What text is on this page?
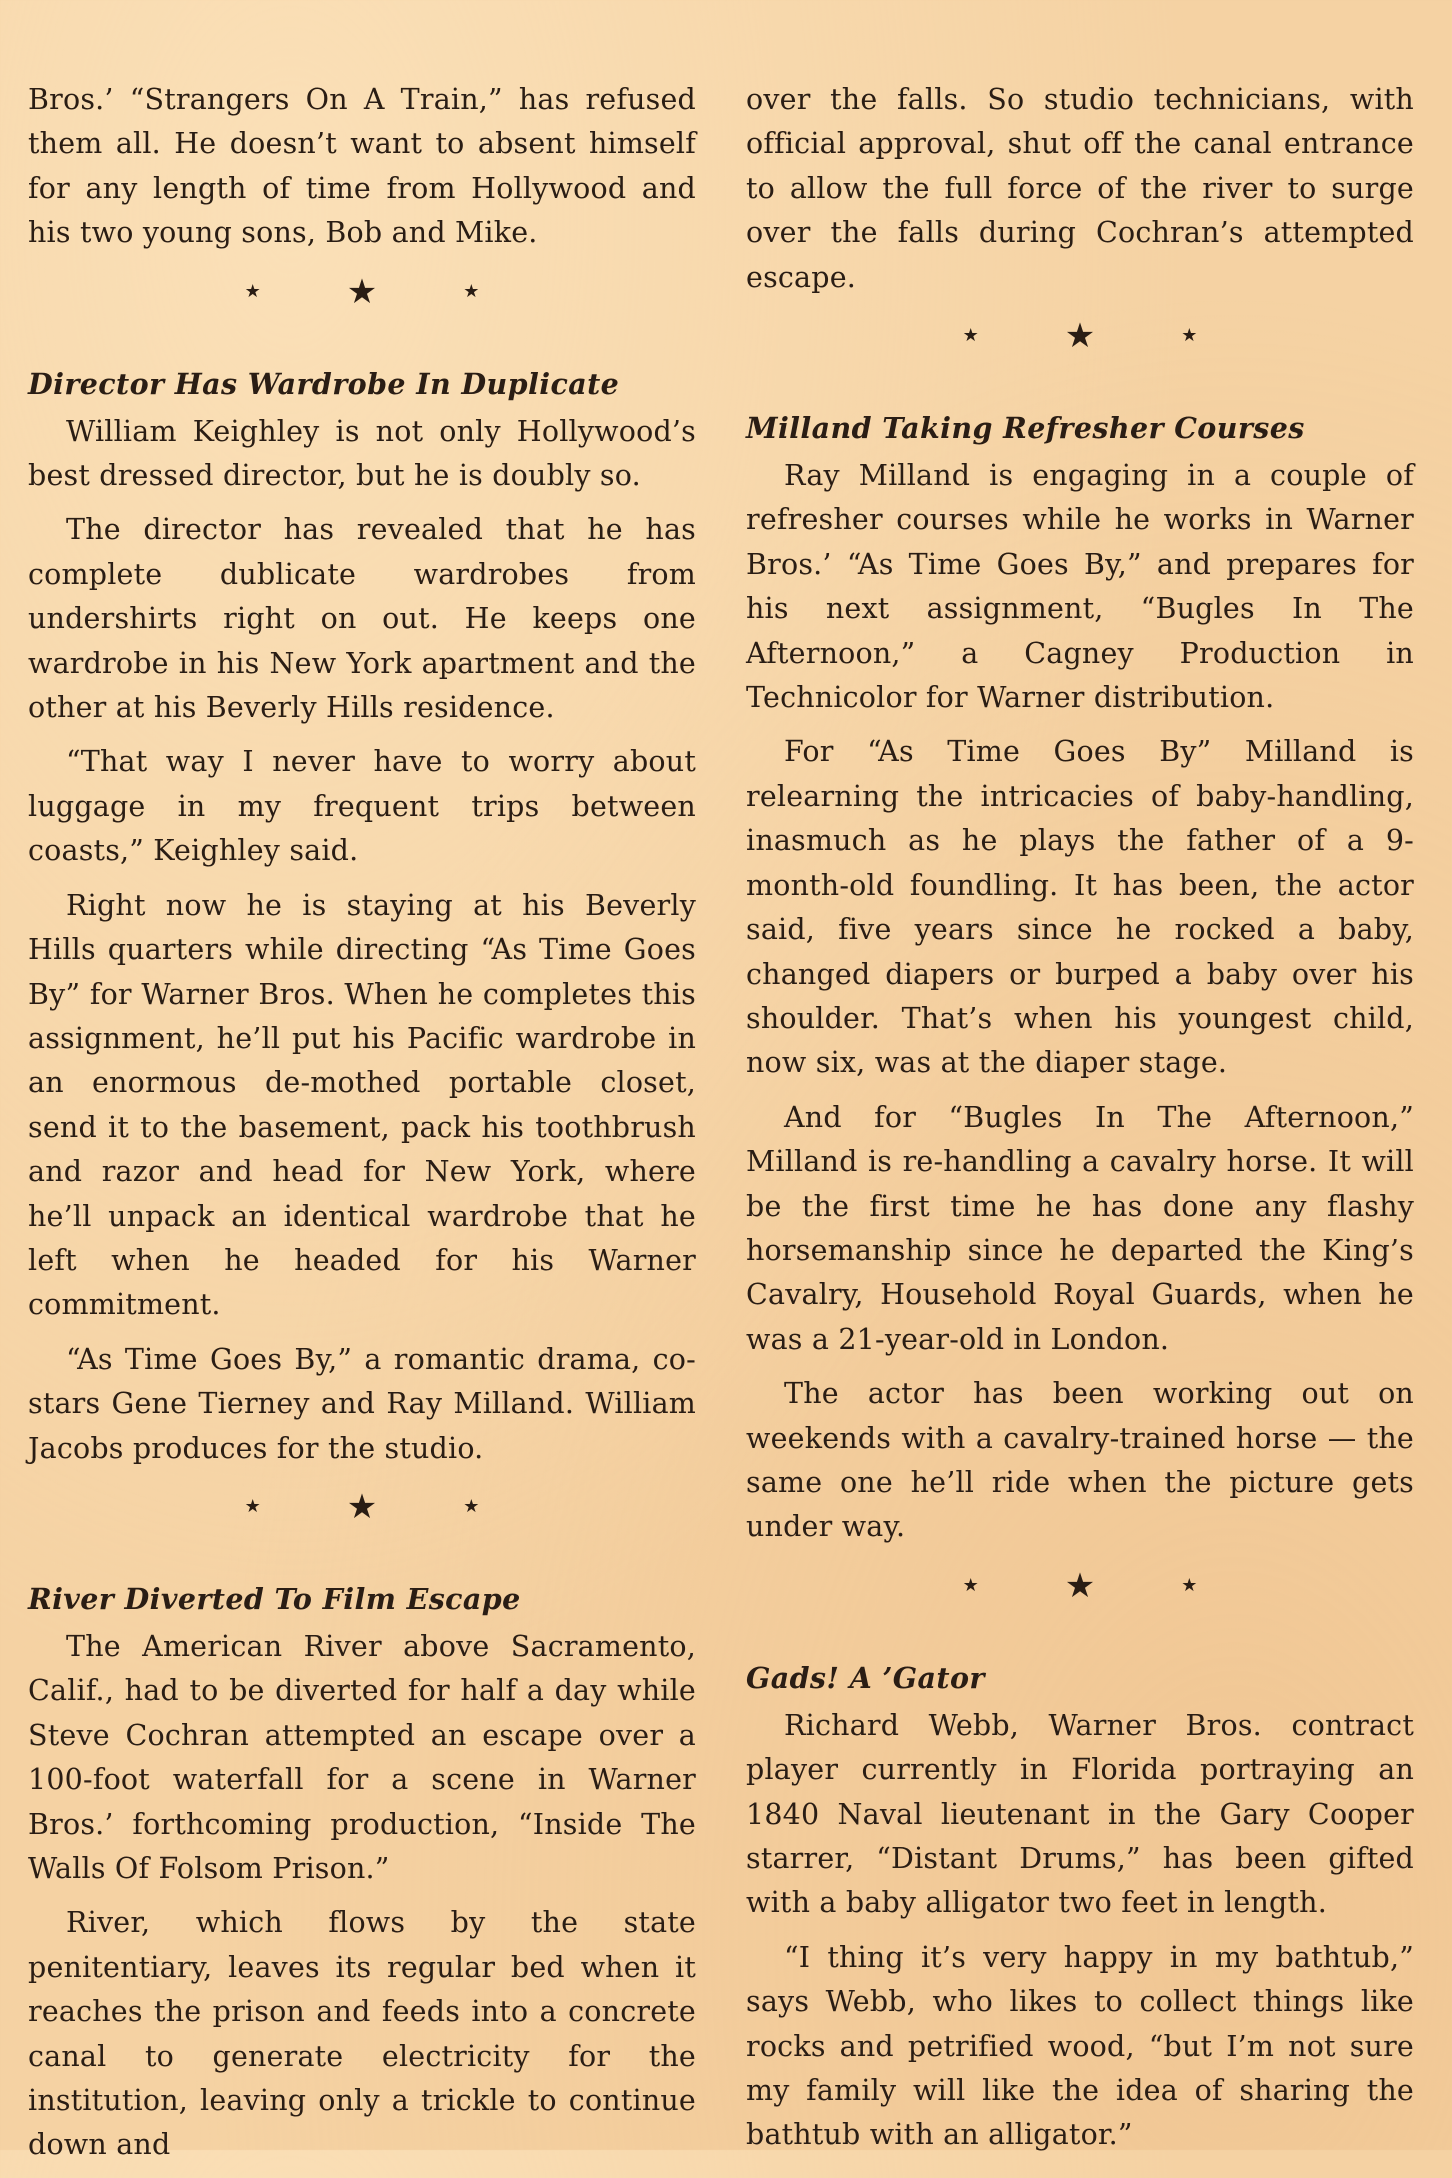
Bros.’ “Strangers On A Train,” has refused them all. He doesn’t want to absent himself for any length of time from Hollywood and his two young sons, Bob and Mike.

★	★	★
Director Has Wardrobe In Duplicate

William Keighley is not only Hollywood’s best dressed director, but he is doubly so.

The director has revealed that he has complete dublicate wardrobes from undershirts right on out. He keeps one wardrobe in his New York apartment and the other at his Beverly Hills residence.

“That way I never have to worry about luggage in my frequent trips between coasts,” Keighley said.

Right now he is staying at his Beverly Hills quarters while directing “As Time Goes By” for Warner Bros. When he completes this assignment, he’ll put his Pacific wardrobe in an enormous de-mothed portable closet, send it to the basement, pack his toothbrush and razor and head for New York, where he’ll unpack an identical wardrobe that he left when he headed for his Warner commitment.

“As Time Goes By,” a romantic drama, co-stars Gene Tierney and Ray Milland. William Jacobs produces for the studio.

★	★	★
River Diverted To Film Escape

The American River above Sacramento, Calif., had to be diverted for half a day while Steve Cochran attempted an escape over a 100-foot waterfall for a scene in Warner Bros.’ forthcoming production, “Inside The Walls Of Folsom Prison.”

River, which flows by the state penitentiary, leaves its regular bed when it reaches the prison and feeds into a concrete canal to generate electricity for the institution, leaving only a trickle to continue down and

over the falls. So studio technicians, with official approval, shut off the canal entrance to allow the full force of the river to surge over the falls during Cochran’s attempted escape.

★	★	★
Milland Taking Refresher Courses

Ray Milland is engaging in a couple of refresher courses while he works in Warner Bros.’ “As Time Goes By,” and prepares for his next assignment, “Bugles In The Afternoon,” a Cagney Production in Technicolor for Warner distribution.

For “As Time Goes By” Milland is relearning the intricacies of baby-handling, inasmuch as he plays the father of a 9-month-old foundling. It has been, the actor said, five years since he rocked a baby, changed diapers or burped a baby over his shoulder. That’s when his youngest child, now six, was at the diaper stage.

And for “Bugles In The Afternoon,” Milland is re-handling a cavalry horse. It will be the first time he has done any flashy horsemanship since he departed the King’s Cavalry, Household Royal Guards, when he was a 21-year-old in London.

The actor has been working out on weekends with a cavalry-trained horse — the same one he’ll ride when the picture gets under way.

★	★	★
Gads! A ’Gator

Richard Webb, Warner Bros. contract player currently in Florida portraying an 1840 Naval lieutenant in the Gary Cooper starrer, “Distant Drums,” has been gifted with a baby alligator two feet in length.

“I thing it’s very happy in my bathtub,” says Webb, who likes to collect things like rocks and petrified wood, “but I’m not sure my family will like the idea of sharing the bathtub with an alligator.”
